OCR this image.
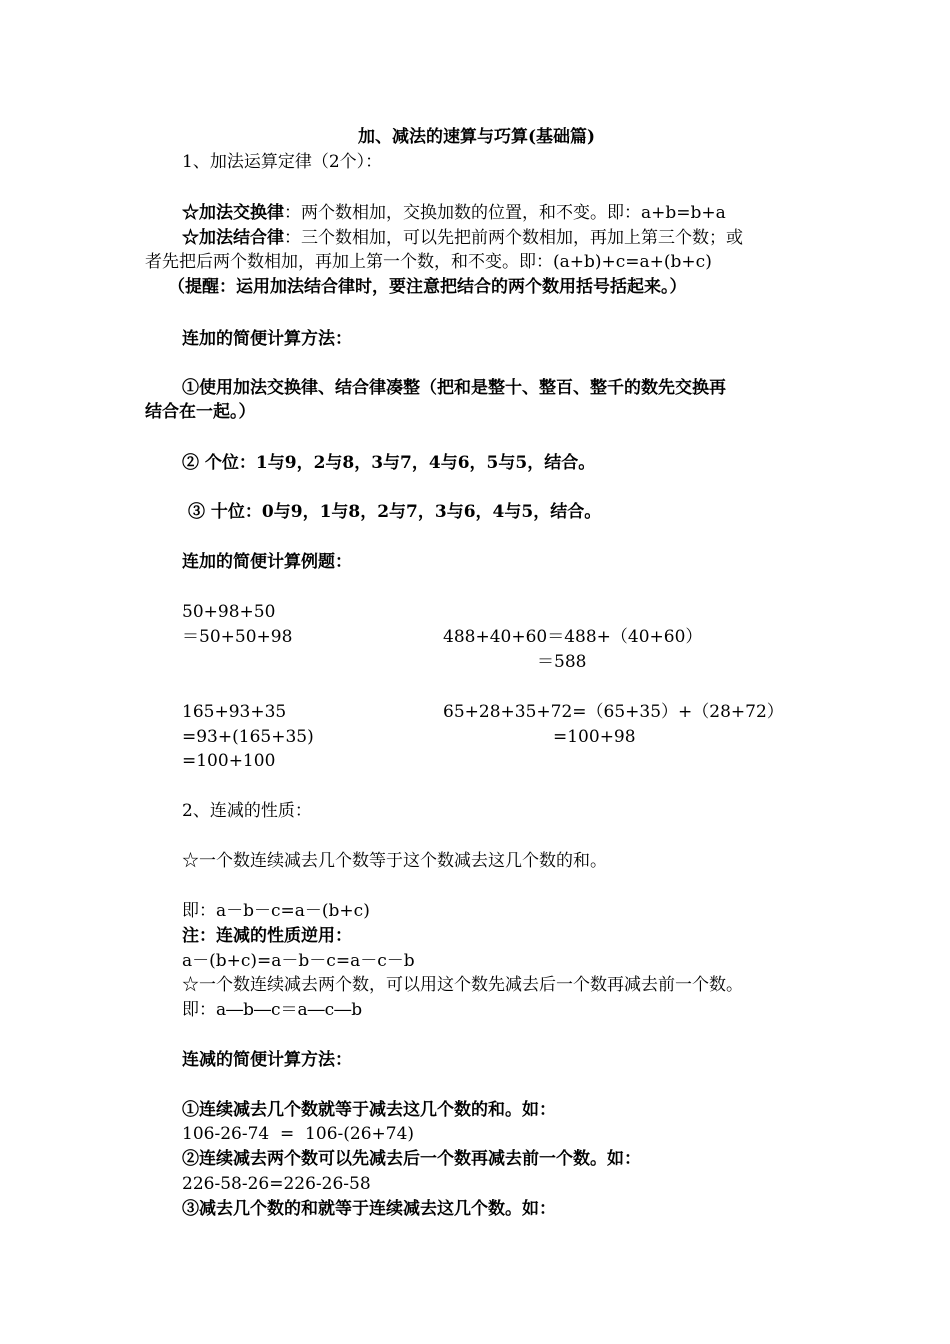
加、减法的速算与巧算(基础篇)
1、加法运算定律（2个）：
☆加法交换律：两个数相加，交换加数的位置，和不变。即：a+b=b+a
☆加法结合律：三个数相加，可以先把前两个数相加，再加上第三个数；或
者先把后两个数相加，再加上第一个数，和不变。即：(a+b)+c=a+(b+c)
（提醒：运用加法结合律时，要注意把结合的两个数用括号括起来。）
连加的简便计算方法：
①使用加法交换律、结合律凑整（把和是整十、整百、整千的数先交换再
结合在一起。）
② 个位：1与9，2与8，3与7，4与6，5与5，结合。
③ 十位：0与9，1与8，2与7，3与6，4与5，结合。
连加的简便计算例题：
50+98+50
＝50+50+98	488+40+60＝488+（40+60）
＝588
165+93+35
=93+(165+35)
=100+100
65+28+35+72=（65+35）+（28+72）
=100+98
2、连减的性质：
☆一个数连续减去几个数等于这个数减去这几个数的和。
即：a－b－c=a－(b+c)
注：连减的性质逆用：
a－(b+c)=a－b－c=a－c－b
☆一个数连续减去两个数，可以用这个数先减去后一个数再减去前一个数。
即：a―b―c＝a―c―b
连减的简便计算方法：
①连续减去几个数就等于减去这几个数的和。如：
106-26-74  =  106-(26+74)
②连续减去两个数可以先减去后一个数再减去前一个数。如：
226-58-26=226-26-58
③减去几个数的和就等于连续减去这几个数。如：
